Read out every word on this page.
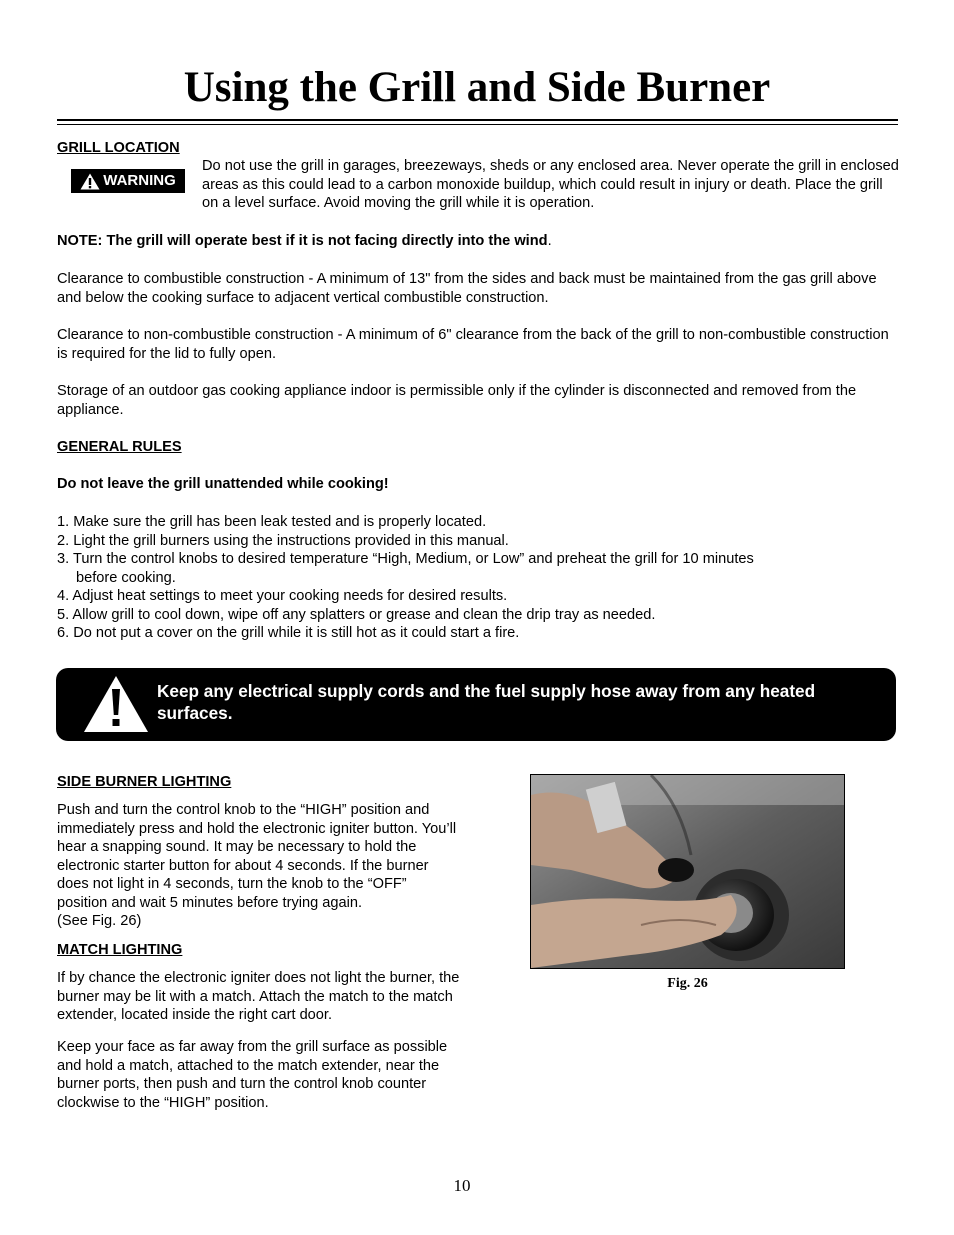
Using the Grill and Side Burner
GRILL LOCATION
WARNING

Do not use the grill in garages, breezeways, sheds or any enclosed area. Never operate the grill in enclosed areas as this could lead to a carbon monoxide buildup, which could result in injury or death. Place the grill on a level surface. Avoid moving the grill while it is operation.

NOTE: The grill will operate best if it is not facing directly into the wind.

Clearance to combustible construction - A minimum of 13" from the sides and back must be maintained from the gas grill above and below the cooking surface to adjacent vertical combustible construction.

Clearance to non-combustible construction - A minimum of 6" clearance from the back of the grill to non-combustible construction is required for the lid to fully open.

Storage of an outdoor gas cooking appliance indoor is permissible only if the cylinder is disconnected and removed from the appliance.

GENERAL RULES

Do not leave the grill unattended while cooking!

1. Make sure the grill has been leak tested and is properly located.
2. Light the grill burners using the instructions provided in this manual.
3. Turn the control knobs to desired temperature “High, Medium, or Low” and preheat the grill for 10 minutes
before cooking.
4. Adjust heat settings to meet your cooking needs for desired results.
5. Allow grill to cool down, wipe off any splatters or grease and clean the drip tray as needed.
6. Do not put a cover on the grill while it is still hot as it could start a fire.

Keep any electrical supply cords and the fuel supply hose away from any heated surfaces.

SIDE BURNER LIGHTING

Push and turn the control knob to the “HIGH” position and immediately press and hold the electronic igniter button. You’ll hear a snapping sound. It may be necessary to hold the electronic starter button for about 4 seconds. If the burner does not light in 4 seconds, turn the knob to the “OFF” position and wait 5 minutes before trying again.
(See Fig. 26)

MATCH LIGHTING

If by chance the electronic igniter does not light the burner, the burner may be lit with a match. Attach the match to the match extender, located inside the right cart door.

Keep your face as far away from the grill surface as possible and hold a match, attached to the match extender, near the burner ports, then push and turn the control knob counter clockwise to the “HIGH” position.

Fig. 26
10
